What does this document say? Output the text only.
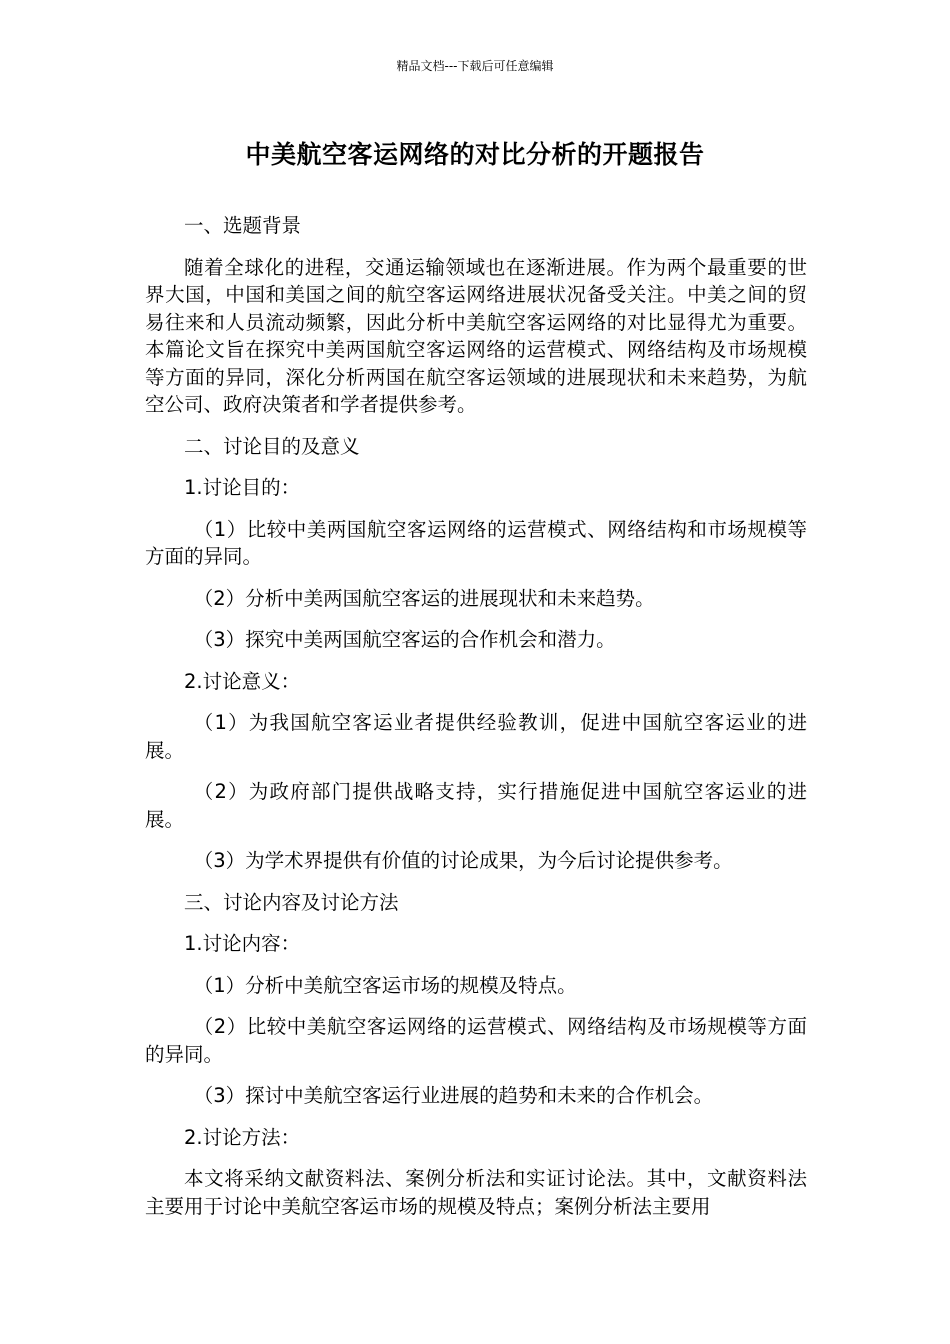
精品文档---下载后可任意编辑
中美航空客运网络的对比分析的开题报告

一、选题背景

随着全球化的进程，交通运输领域也在逐渐进展。作为两个最重要的世界大国，中国和美国之间的航空客运网络进展状况备受关注。中美之间的贸易往来和人员流动频繁，因此分析中美航空客运网络的对比显得尤为重要。本篇论文旨在探究中美两国航空客运网络的运营模式、网络结构及市场规模等方面的异同，深化分析两国在航空客运领域的进展现状和未来趋势，为航空公司、政府决策者和学者提供参考。

二、讨论目的及意义

1.讨论目的：

（1）比较中美两国航空客运网络的运营模式、网络结构和市场规模等方面的异同。

（2）分析中美两国航空客运的进展现状和未来趋势。

（3）探究中美两国航空客运的合作机会和潜力。

2.讨论意义：

（1）为我国航空客运业者提供经验教训，促进中国航空客运业的进展。

（2）为政府部门提供战略支持，实行措施促进中国航空客运业的进展。

（3）为学术界提供有价值的讨论成果，为今后讨论提供参考。

三、讨论内容及讨论方法

1.讨论内容：

（1）分析中美航空客运市场的规模及特点。

（2）比较中美航空客运网络的运营模式、网络结构及市场规模等方面的异同。

（3）探讨中美航空客运行业进展的趋势和未来的合作机会。

2.讨论方法：

本文将采纳文献资料法、案例分析法和实证讨论法。其中，文献资料法主要用于讨论中美航空客运市场的规模及特点；案例分析法主要用
